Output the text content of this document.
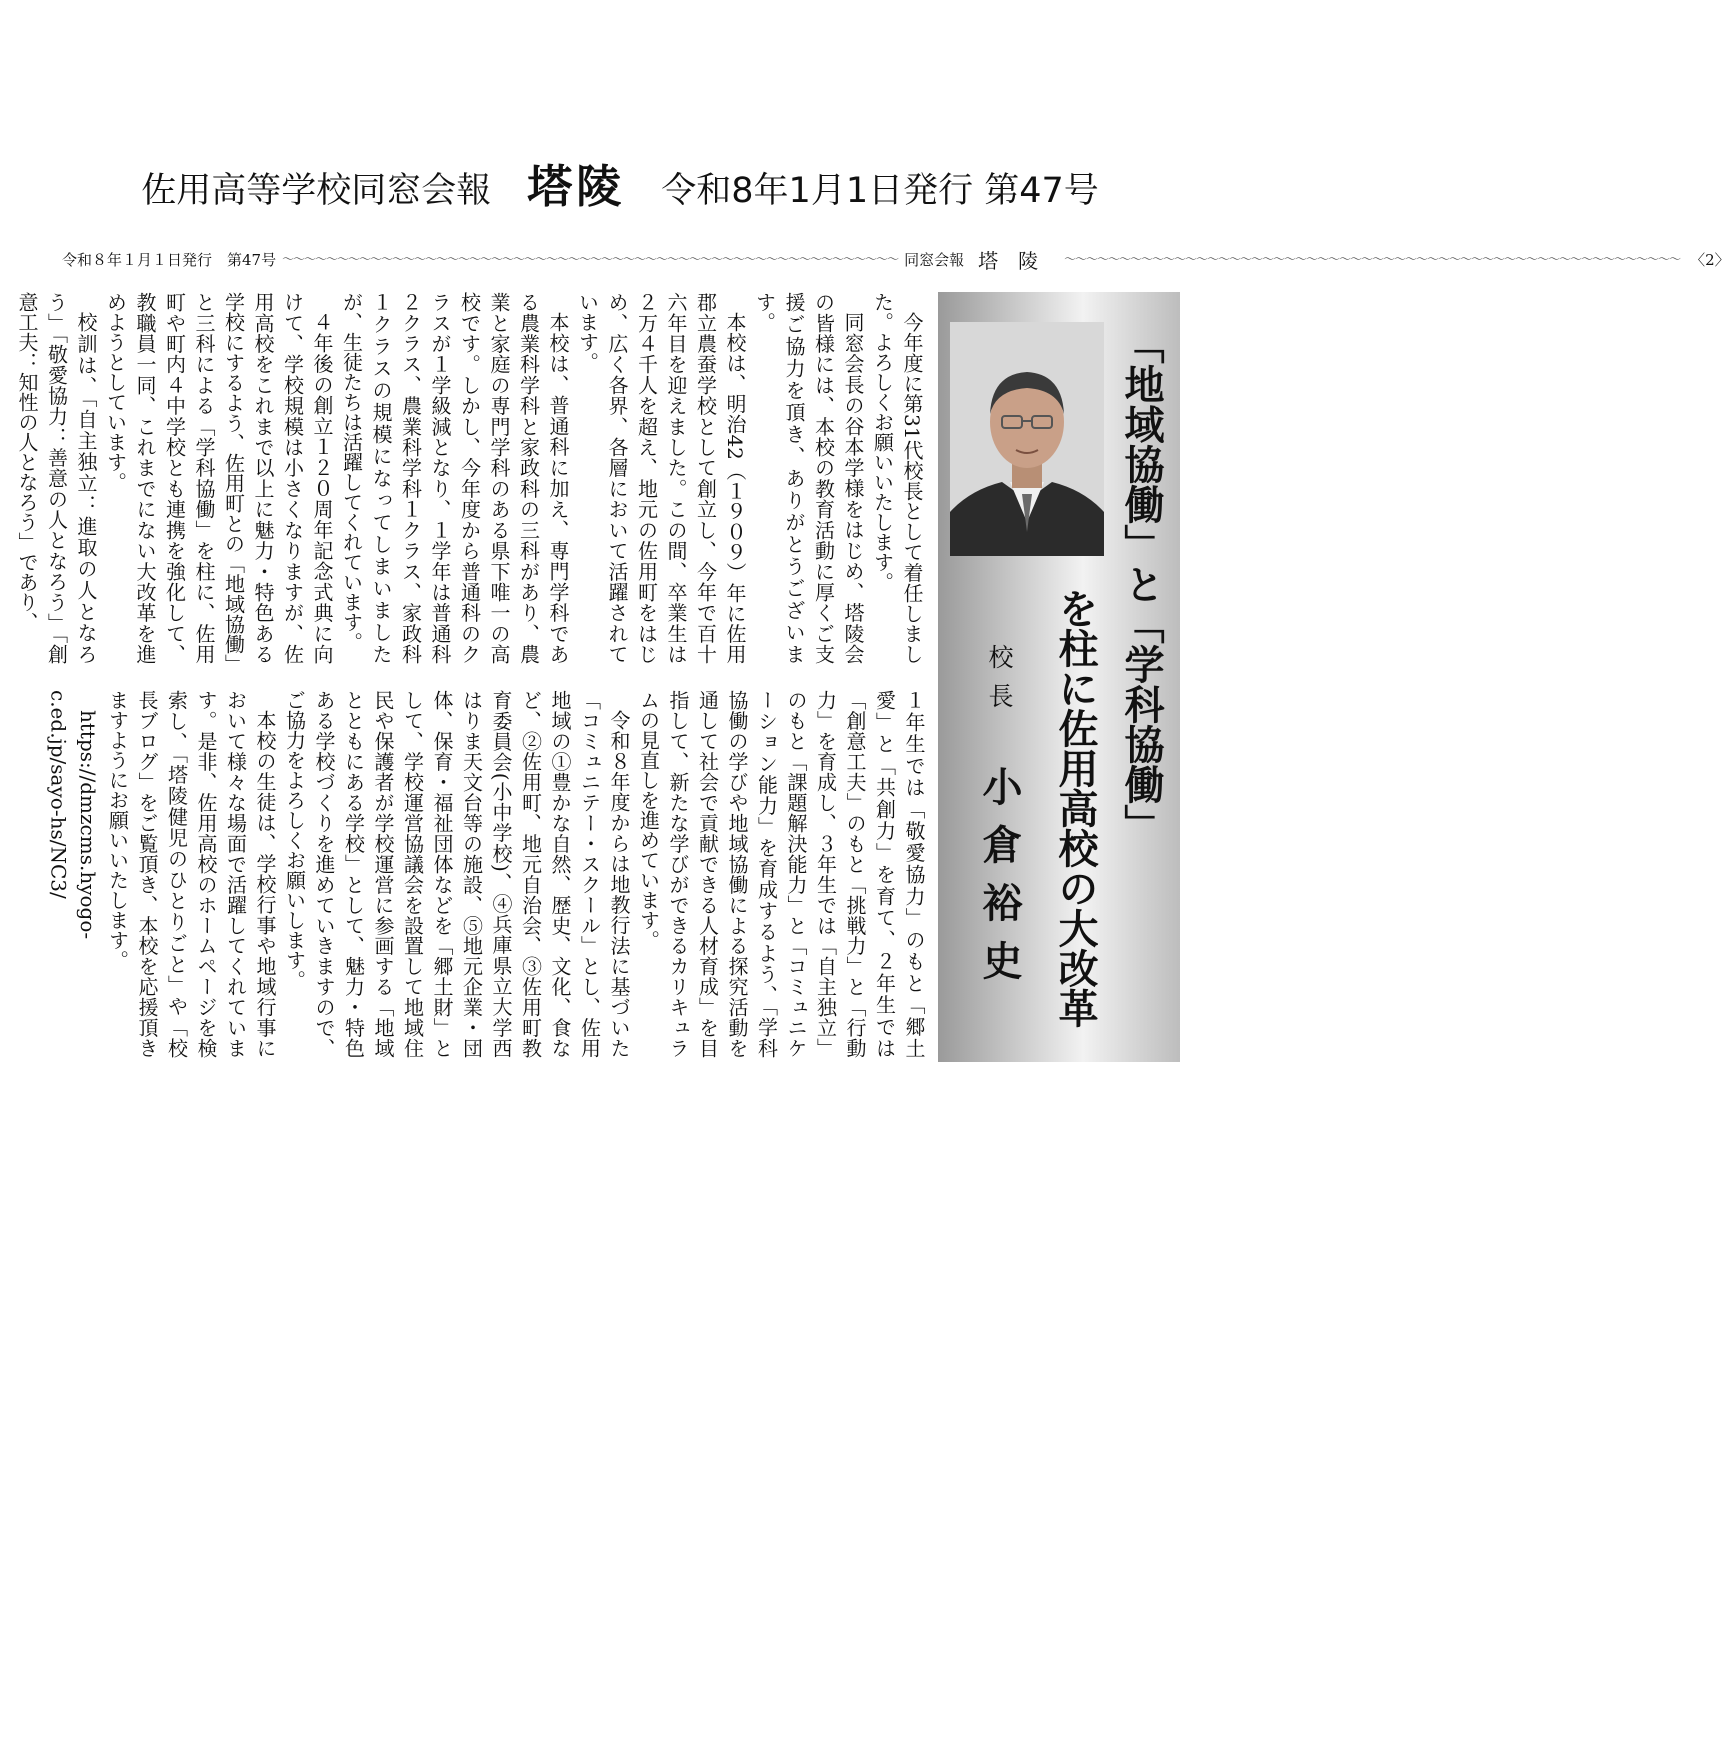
佐用高等学校同窓会報 塔陵 令和8年1月1日発行 第47号
令和８年１月１日発行　第47号 〜〜〜〜〜〜〜〜〜〜〜〜〜〜〜〜〜〜〜〜〜〜〜〜〜〜〜〜〜〜〜〜〜〜〜〜〜〜〜〜〜〜〜〜〜〜〜〜〜〜〜〜〜〜〜〜 同窓会報 塔陵 〜〜〜〜〜〜〜〜〜〜〜〜〜〜〜〜〜〜〜〜〜〜〜〜〜〜〜〜〜〜〜〜〜〜〜〜〜〜〜〜〜〜〜〜〜〜〜〜〜〜〜〜〜〜〜〜 〈2〉
「地域協働」と「学科協働」
を柱に佐用高校の大改革
校長
小倉裕史

今年度に第31代校長として着任しました。よろしくお願いいたします。

同窓会長の谷本学様をはじめ、塔陵会の皆様には、本校の教育活動に厚くご支援ご協力を頂き、ありがとうございます。

本校は、明治42（１９０９）年に佐用郡立農蚕学校として創立し、今年で百十六年目を迎えました。この間、卒業生は２万４千人を超え、地元の佐用町をはじめ、広く各界、各層において活躍されています。

本校は、普通科に加え、専門学科である農業科学科と家政科の三科があり、農業と家庭の専門学科のある県下唯一の高校です。しかし、今年度から普通科のクラスが１学級減となり、１学年は普通科２クラス、農業科学科１クラス、家政科１クラスの規模になってしまいましたが、生徒たちは活躍してくれています。

４年後の創立１２０周年記念式典に向けて、学校規模は小さくなりますが、佐用高校をこれまで以上に魅力・特色ある学校にするよう、佐用町との「地域協働」と三科による「学科協働」を柱に、佐用町や町内４中学校とも連携を強化して、教職員一同、これまでにない大改革を進めようとしています。

校訓は、「自主独立：進取の人となろう」「敬愛協力：善意の人となろう」「創意工夫：知性の人となろう」であり、

１年生では「敬愛協力」のもと「郷土愛」と「共創力」を育て、２年生では「創意工夫」のもと「挑戦力」と「行動力」を育成し、３年生では「自主独立」のもと「課題解決能力」と「コミュニケーション能力」を育成するよう、「学科協働の学びや地域協働による探究活動を通して社会で貢献できる人材育成」を目指して、新たな学びができるカリキュラムの見直しを進めています。

令和８年度からは地教行法に基づいた「コミュニテー・スクール」とし、佐用地域の①豊かな自然、歴史、文化、食など、②佐用町、地元自治会、③佐用町教育委員会(小中学校)、④兵庫県立大学西はりま天文台等の施設、⑤地元企業・団体、保育・福祉団体などを「郷土財」として、学校運営協議会を設置して地域住民や保護者が学校運営に参画する「地域とともにある学校」として、魅力・特色ある学校づくりを進めていきますので、ご協力をよろしくお願いします。

本校の生徒は、学校行事や地域行事において様々な場面で活躍してくれています。是非、佐用高校のホームページを検索し、「塔陵健児のひとりごと」や「校長ブログ」をご覧頂き、本校を応援頂きますようにお願いいたします。

https://dmzcms.hyogo-c.ed.jp/sayo-hs/NC3/
